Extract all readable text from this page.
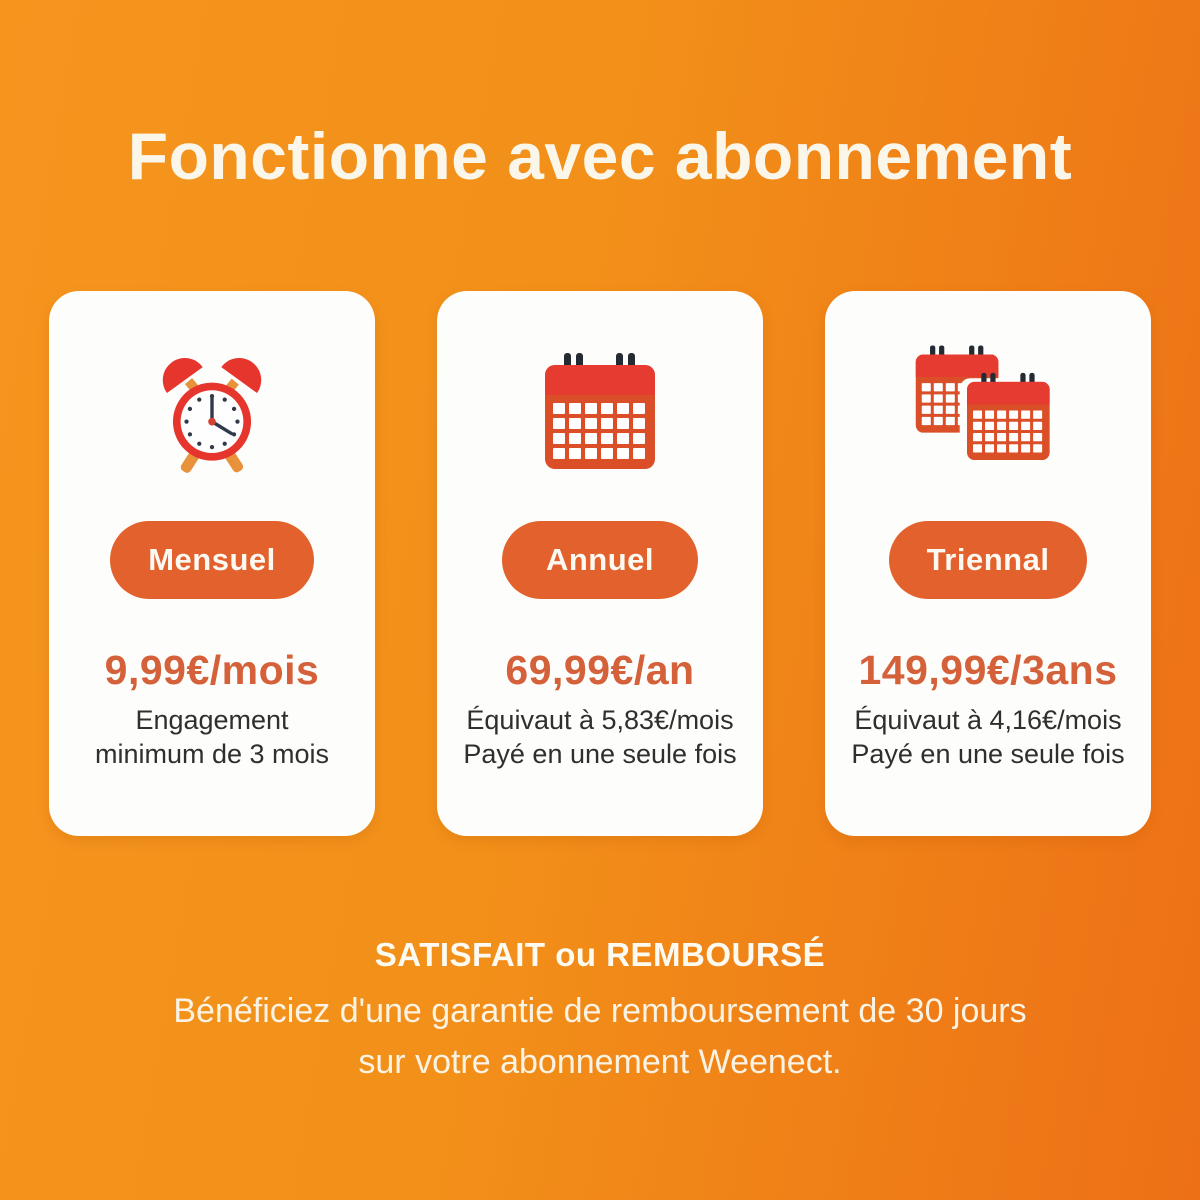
Fonctionne avec abonnement
Mensuel
9,99€/mois
Engagement
minimum de 3 mois
Annuel
69,99€/an
Équivaut à 5,83€/mois
Payé en une seule fois
Triennal
149,99€/3ans
Équivaut à 4,16€/mois
Payé en une seule fois
SATISFAIT ou REMBOURSÉ
Bénéficiez d'une garantie de remboursement de 30 jours
sur votre abonnement Weenect.
